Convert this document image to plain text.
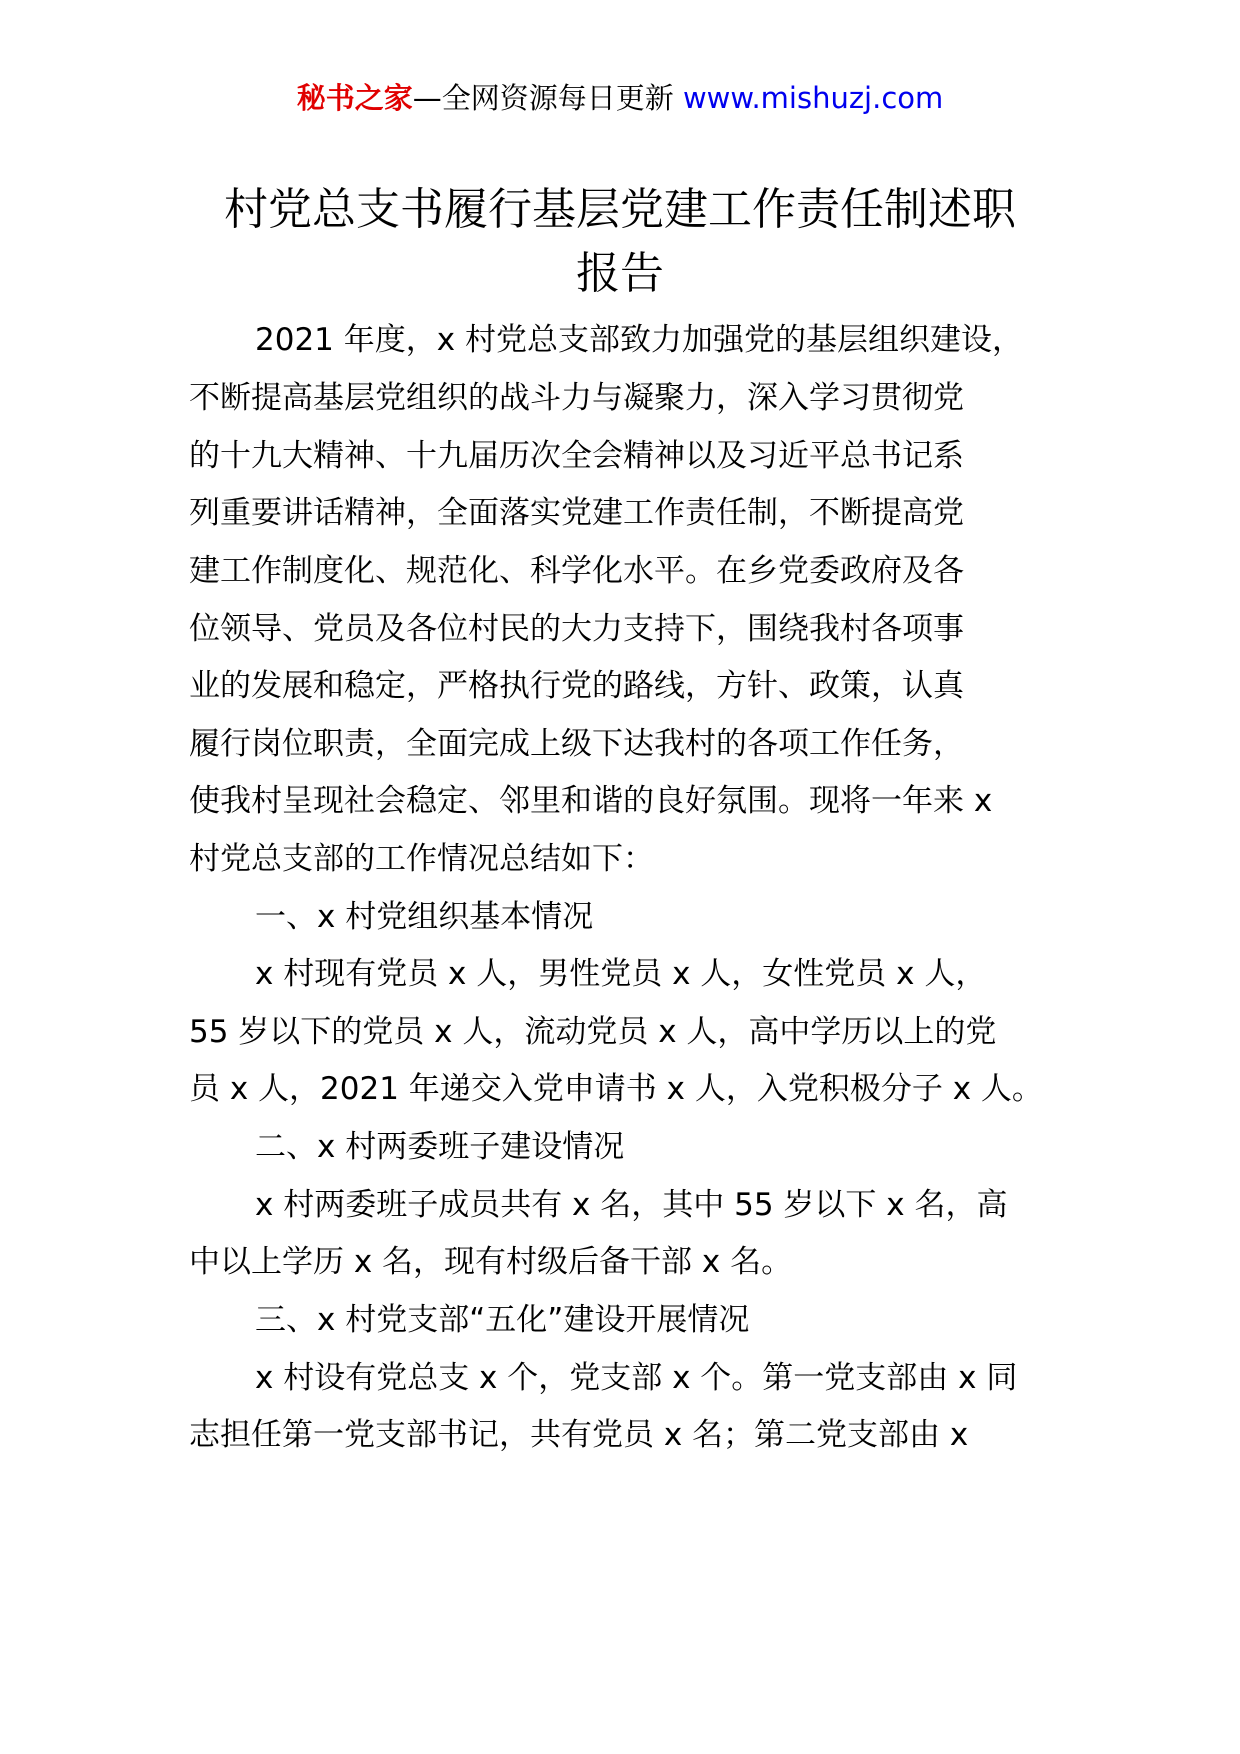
秘书之家—全网资源每日更新 www.mishuzj.com
村党总支书履行基层党建工作责任制述职
报告
2021 年度，x 村党总支部致力加强党的基层组织建设，
不断提高基层党组织的战斗力与凝聚力，深入学习贯彻党
的十九大精神、十九届历次全会精神以及习近平总书记系
列重要讲话精神，全面落实党建工作责任制，不断提高党
建工作制度化、规范化、科学化水平。在乡党委政府及各
位领导、党员及各位村民的大力支持下，围绕我村各项事
业的发展和稳定，严格执行党的路线，方针、政策，认真
履行岗位职责，全面完成上级下达我村的各项工作任务，
使我村呈现社会稳定、邻里和谐的良好氛围。现将一年来 x
村党总支部的工作情况总结如下：
一、x 村党组织基本情况
x 村现有党员 x 人，男性党员 x 人，女性党员 x 人，
55 岁以下的党员 x 人，流动党员 x 人，高中学历以上的党
员 x 人，2021 年递交入党申请书 x 人，入党积极分子 x 人。
二、x 村两委班子建设情况
x 村两委班子成员共有 x 名，其中 55 岁以下 x 名，高
中以上学历 x 名，现有村级后备干部 x 名。
三、x 村党支部“五化”建设开展情况
x 村设有党总支 x 个，党支部 x 个。第一党支部由 x 同
志担任第一党支部书记，共有党员 x 名；第二党支部由 x
